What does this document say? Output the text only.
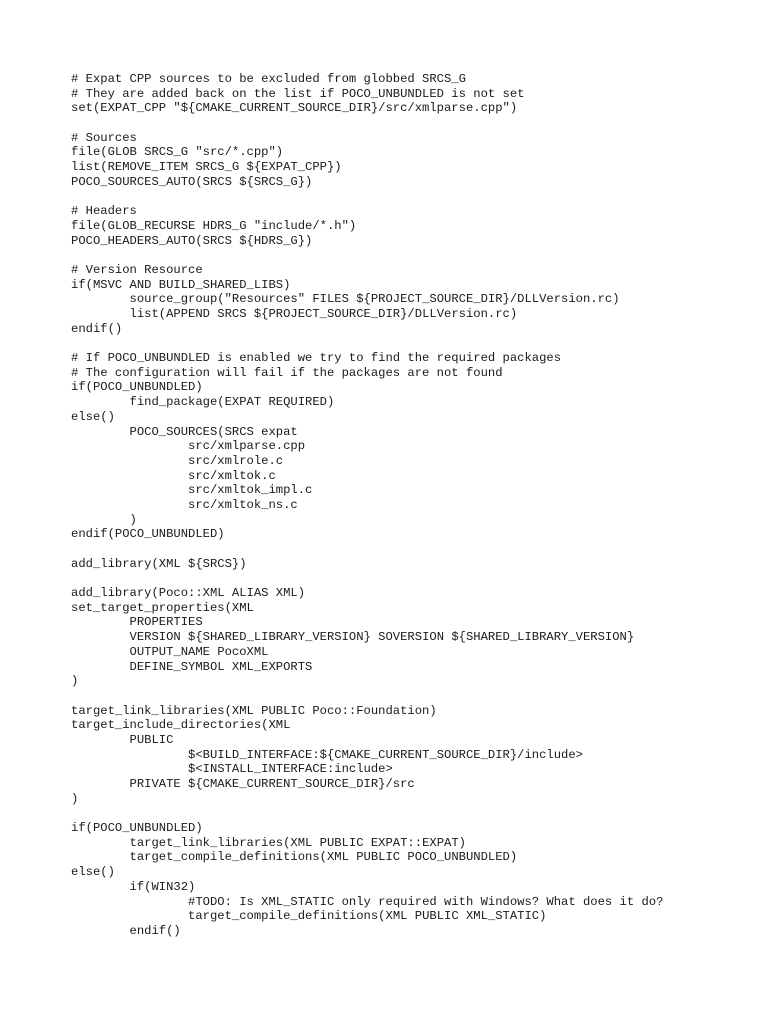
# Expat CPP sources to be excluded from globbed SRCS_G
# They are added back on the list if POCO_UNBUNDLED is not set
set(EXPAT_CPP "${CMAKE_CURRENT_SOURCE_DIR}/src/xmlparse.cpp")

# Sources
file(GLOB SRCS_G "src/*.cpp")
list(REMOVE_ITEM SRCS_G ${EXPAT_CPP})
POCO_SOURCES_AUTO(SRCS ${SRCS_G})

# Headers
file(GLOB_RECURSE HDRS_G "include/*.h")
POCO_HEADERS_AUTO(SRCS ${HDRS_G})

# Version Resource
if(MSVC AND BUILD_SHARED_LIBS)
	source_group("Resources" FILES ${PROJECT_SOURCE_DIR}/DLLVersion.rc)
	list(APPEND SRCS ${PROJECT_SOURCE_DIR}/DLLVersion.rc)
endif()

# If POCO_UNBUNDLED is enabled we try to find the required packages
# The configuration will fail if the packages are not found
if(POCO_UNBUNDLED)
	find_package(EXPAT REQUIRED)
else()
	POCO_SOURCES(SRCS expat
		src/xmlparse.cpp
		src/xmlrole.c
		src/xmltok.c
		src/xmltok_impl.c
		src/xmltok_ns.c
	)
endif(POCO_UNBUNDLED)

add_library(XML ${SRCS})

add_library(Poco::XML ALIAS XML)
set_target_properties(XML
	PROPERTIES
	VERSION ${SHARED_LIBRARY_VERSION} SOVERSION ${SHARED_LIBRARY_VERSION}
	OUTPUT_NAME PocoXML
	DEFINE_SYMBOL XML_EXPORTS
)

target_link_libraries(XML PUBLIC Poco::Foundation)
target_include_directories(XML
	PUBLIC
		$<BUILD_INTERFACE:${CMAKE_CURRENT_SOURCE_DIR}/include>
		$<INSTALL_INTERFACE:include>
	PRIVATE ${CMAKE_CURRENT_SOURCE_DIR}/src
)

if(POCO_UNBUNDLED)
	target_link_libraries(XML PUBLIC EXPAT::EXPAT)
	target_compile_definitions(XML PUBLIC POCO_UNBUNDLED)
else()
	if(WIN32)
		#TODO: Is XML_STATIC only required with Windows? What does it do?
		target_compile_definitions(XML PUBLIC XML_STATIC)
	endif()
